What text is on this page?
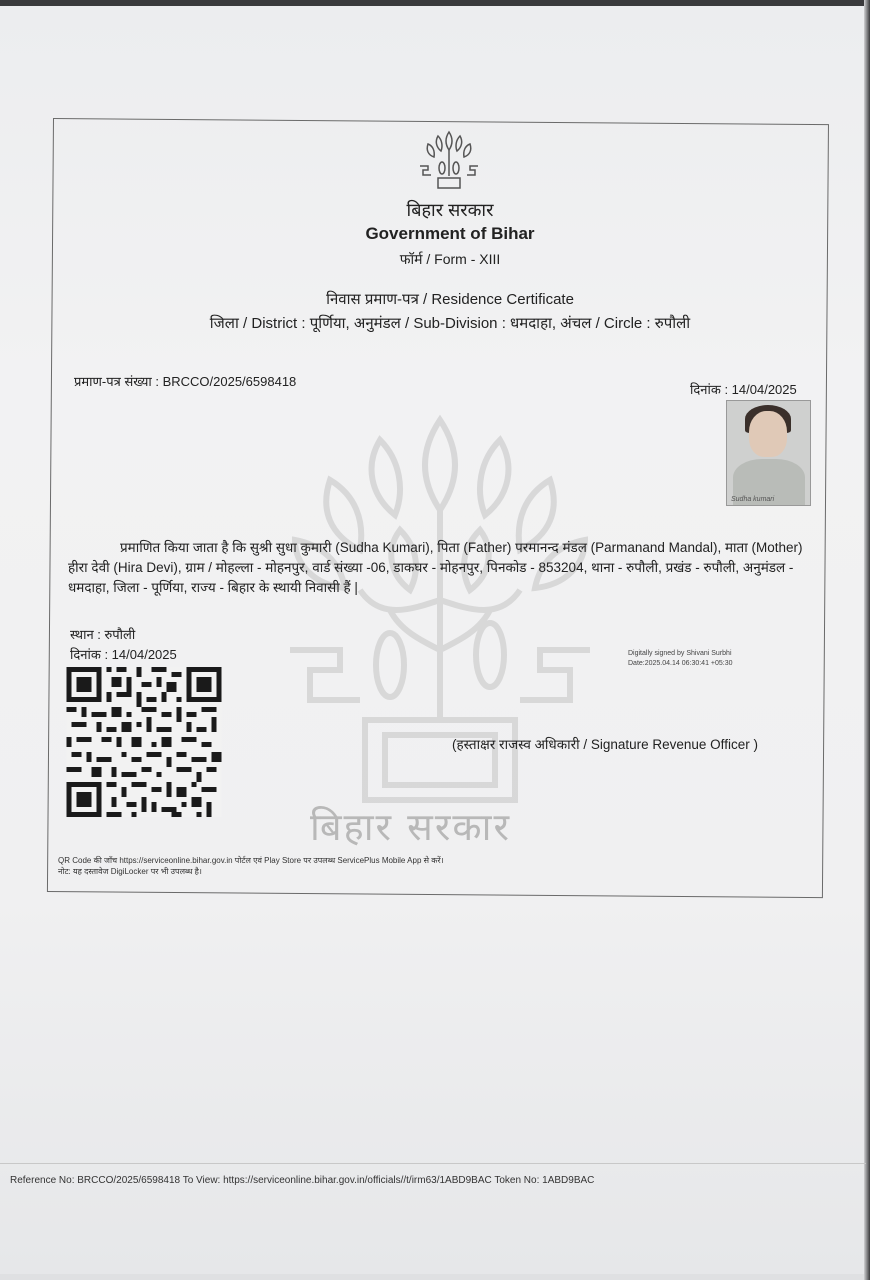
बिहार सरकार
बिहार सरकार
Government of Bihar
फॉर्म / Form - XIII
निवास प्रमाण-पत्र / Residence Certificate
जिला / District : पूर्णिया, अनुमंडल / Sub-Division : धमदाहा, अंचल / Circle : रुपौली
प्रमाण-पत्र संख्या : BRCCO/2025/6598418
दिनांक : 14/04/2025
Sudha kumari
प्रमाणित किया जाता है कि सुश्री सुधा कुमारी (Sudha Kumari), पिता (Father) परमानन्द मंडल (Parmanand Mandal), माता (Mother) हीरा देवी (Hira Devi), ग्राम / मोहल्ला - मोहनपुर, वार्ड संख्या -06, डाकघर - मोहनपुर, पिनकोड - 853204, थाना - रुपौली, प्रखंड - रुपौली, अनुमंडल - धमदाहा, जिला - पूर्णिया, राज्य - बिहार के स्थायी निवासी हैं |
स्थान : रुपौली
दिनांक : 14/04/2025	Digitally signed by Shivani Surbhi
Date:2025.04.14 06:30:41 +05:30
(हस्ताक्षर राजस्व अधिकारी / Signature Revenue Officer )
QR Code की जाँच https://serviceonline.bihar.gov.in पोर्टल एवं Play Store पर उपलब्ध ServicePlus Mobile App से करें।
नोट: यह दस्तावेज DigiLocker पर भी उपलब्ध है।
Reference No: BRCCO/2025/6598418 To View: https://serviceonline.bihar.gov.in/officials//t/irm63/1ABD9BAC Token No: 1ABD9BAC
